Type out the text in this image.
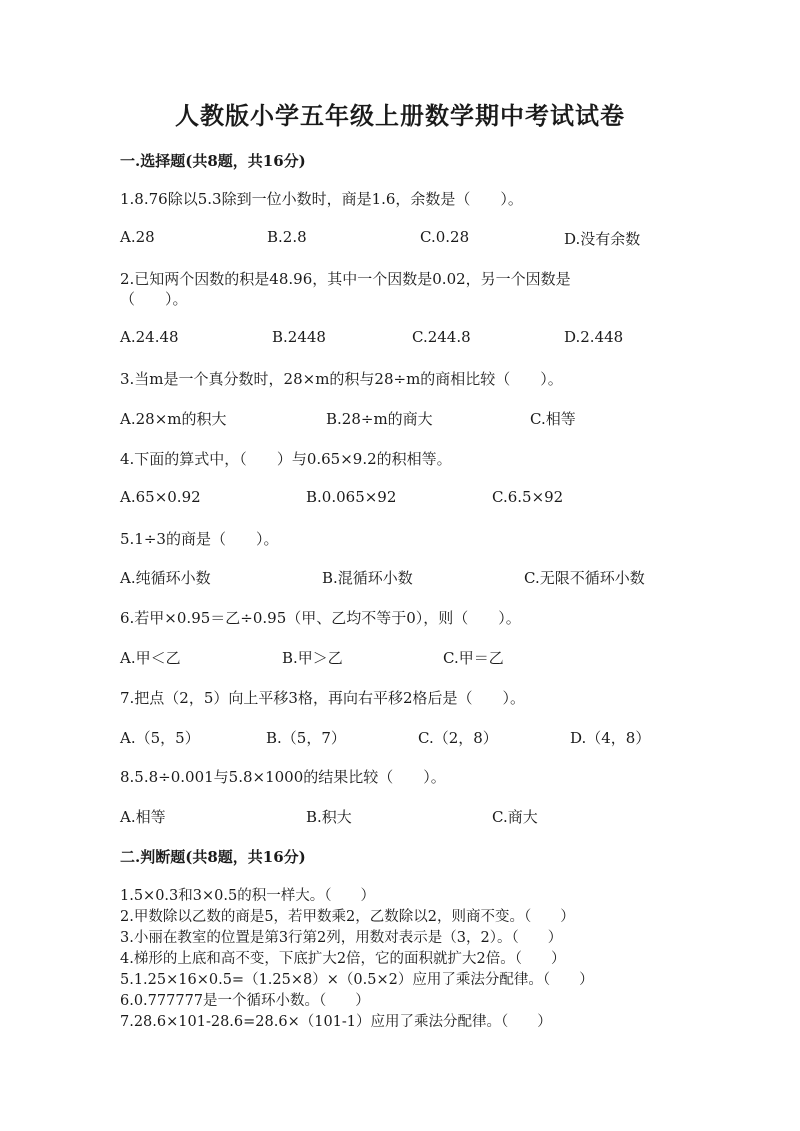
人教版小学五年级上册数学期中考试试卷
一.选择题(共8题，共16分)
1.8.76除以5.3除到一位小数时，商是1.6，余数是（　　）。
A.28	B.2.8	C.0.28	D.没有余数
2.已知两个因数的积是48.96，其中一个因数是0.02，另一个因数是
（　　）。
A.24.48	B.2448	C.244.8	D.2.448
3.当m是一个真分数时，28×m的积与28÷m的商相比较（　　）。
A.28×m的积大	B.28÷m的商大	C.相等
4.下面的算式中，（　　）与0.65×9.2的积相等。
A.65×0.92	B.0.065×92	C.6.5×92
5.1÷3的商是（　　）。
A.纯循环小数	B.混循环小数	C.无限不循环小数
6.若甲×0.95＝乙÷0.95（甲、乙均不等于0），则（　　）。
A.甲＜乙	B.甲＞乙	C.甲＝乙
7.把点（2，5）向上平移3格，再向右平移2格后是（　　）。
A.（5，5）	B.（5，7）	C.（2，8）	D.（4，8）
8.5.8÷0.001与5.8×1000的结果比较（　　）。
A.相等	B.积大	C.商大
二.判断题(共8题，共16分)
1.5×0.3和3×0.5的积一样大。（　　）
2.甲数除以乙数的商是5，若甲数乘2，乙数除以2，则商不变。（　　）
3.小丽在教室的位置是第3行第2列，用数对表示是（3，2）。（　　）
4.梯形的上底和高不变，下底扩大2倍，它的面积就扩大2倍。（　　）
5.1.25×16×0.5=（1.25×8）×（0.5×2）应用了乘法分配律。（　　）
6.0.777777是一个循环小数。（　　）
7.28.6×101-28.6=28.6×（101-1）应用了乘法分配律。（　　）
